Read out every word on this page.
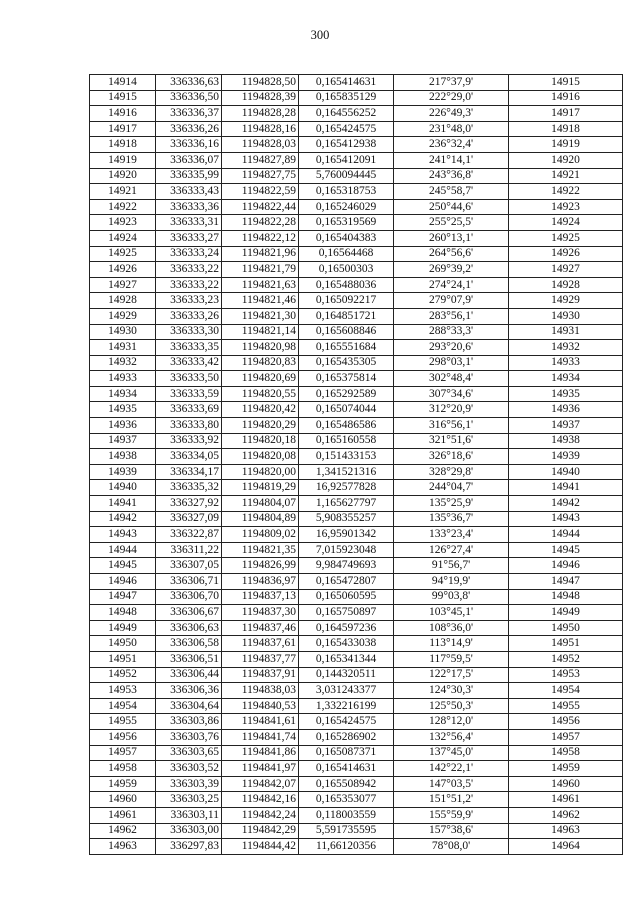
300
14914	336336,63	1194828,50	0,165414631	217°37,9'	14915
14915	336336,50	1194828,39	0,165835129	222°29,0'	14916
14916	336336,37	1194828,28	0,164556252	226°49,3'	14917
14917	336336,26	1194828,16	0,165424575	231°48,0'	14918
14918	336336,16	1194828,03	0,165412938	236°32,4'	14919
14919	336336,07	1194827,89	0,165412091	241°14,1'	14920
14920	336335,99	1194827,75	5,760094445	243°36,8'	14921
14921	336333,43	1194822,59	0,165318753	245°58,7'	14922
14922	336333,36	1194822,44	0,165246029	250°44,6'	14923
14923	336333,31	1194822,28	0,165319569	255°25,5'	14924
14924	336333,27	1194822,12	0,165404383	260°13,1'	14925
14925	336333,24	1194821,96	0,16564468	264°56,6'	14926
14926	336333,22	1194821,79	0,16500303	269°39,2'	14927
14927	336333,22	1194821,63	0,165488036	274°24,1'	14928
14928	336333,23	1194821,46	0,165092217	279°07,9'	14929
14929	336333,26	1194821,30	0,164851721	283°56,1'	14930
14930	336333,30	1194821,14	0,165608846	288°33,3'	14931
14931	336333,35	1194820,98	0,165551684	293°20,6'	14932
14932	336333,42	1194820,83	0,165435305	298°03,1'	14933
14933	336333,50	1194820,69	0,165375814	302°48,4'	14934
14934	336333,59	1194820,55	0,165292589	307°34,6'	14935
14935	336333,69	1194820,42	0,165074044	312°20,9'	14936
14936	336333,80	1194820,29	0,165486586	316°56,1'	14937
14937	336333,92	1194820,18	0,165160558	321°51,6'	14938
14938	336334,05	1194820,08	0,151433153	326°18,6'	14939
14939	336334,17	1194820,00	1,341521316	328°29,8'	14940
14940	336335,32	1194819,29	16,92577828	244°04,7'	14941
14941	336327,92	1194804,07	1,165627797	135°25,9'	14942
14942	336327,09	1194804,89	5,908355257	135°36,7'	14943
14943	336322,87	1194809,02	16,95901342	133°23,4'	14944
14944	336311,22	1194821,35	7,015923048	126°27,4'	14945
14945	336307,05	1194826,99	9,984749693	91°56,7'	14946
14946	336306,71	1194836,97	0,165472807	94°19,9'	14947
14947	336306,70	1194837,13	0,165060595	99°03,8'	14948
14948	336306,67	1194837,30	0,165750897	103°45,1'	14949
14949	336306,63	1194837,46	0,164597236	108°36,0'	14950
14950	336306,58	1194837,61	0,165433038	113°14,9'	14951
14951	336306,51	1194837,77	0,165341344	117°59,5'	14952
14952	336306,44	1194837,91	0,144320511	122°17,5'	14953
14953	336306,36	1194838,03	3,031243377	124°30,3'	14954
14954	336304,64	1194840,53	1,332216199	125°50,3'	14955
14955	336303,86	1194841,61	0,165424575	128°12,0'	14956
14956	336303,76	1194841,74	0,165286902	132°56,4'	14957
14957	336303,65	1194841,86	0,165087371	137°45,0'	14958
14958	336303,52	1194841,97	0,165414631	142°22,1'	14959
14959	336303,39	1194842,07	0,165508942	147°03,5'	14960
14960	336303,25	1194842,16	0,165353077	151°51,2'	14961
14961	336303,11	1194842,24	0,118003559	155°59,9'	14962
14962	336303,00	1194842,29	5,591735595	157°38,6'	14963
14963	336297,83	1194844,42	11,66120356	78°08,0'	14964
